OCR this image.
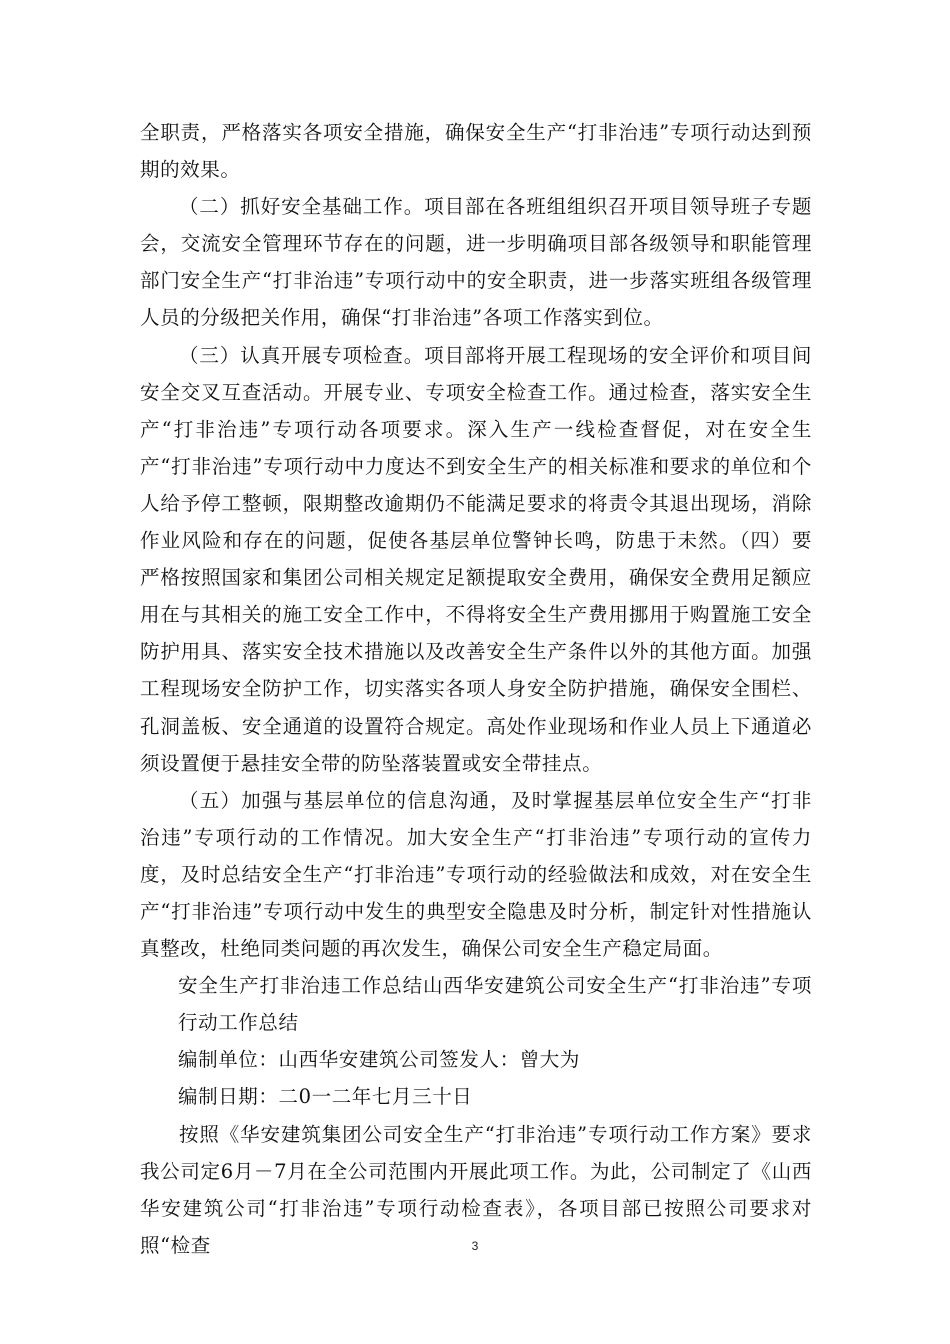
全职责，严格落实各项安全措施，确保安全生产“打非治违”专项行动达到预期的效果。

（二）抓好安全基础工作。项目部在各班组组织召开项目领导班子专题会，交流安全管理环节存在的问题，进一步明确项目部各级领导和职能管理部门安全生产“打非治违”专项行动中的安全职责，进一步落实班组各级管理人员的分级把关作用，确保“打非治违”各项工作落实到位。

（三）认真开展专项检查。项目部将开展工程现场的安全评价和项目间安全交叉互查活动。开展专业、专项安全检查工作。通过检查，落实安全生产“打非治违”专项行动各项要求。深入生产一线检查督促，对在安全生产“打非治违”专项行动中力度达不到安全生产的相关标准和要求的单位和个人给予停工整顿，限期整改逾期仍不能满足要求的将责令其退出现场，消除作业风险和存在的问题，促使各基层单位警钟长鸣，防患于未然。（四）要严格按照国家和集团公司相关规定足额提取安全费用，确保安全费用足额应用在与其相关的施工安全工作中，不得将安全生产费用挪用于购置施工安全防护用具、落实安全技术措施以及改善安全生产条件以外的其他方面。加强工程现场安全防护工作，切实落实各项人身安全防护措施，确保安全围栏、孔洞盖板、安全通道的设置符合规定。高处作业现场和作业人员上下通道必须设置便于悬挂安全带的防坠落装置或安全带挂点。

（五）加强与基层单位的信息沟通，及时掌握基层单位安全生产“打非治违”专项行动的工作情况。加大安全生产“打非治违”专项行动的宣传力度，及时总结安全生产“打非治违”专项行动的经验做法和成效，对在安全生产“打非治违”专项行动中发生的典型安全隐患及时分析，制定针对性措施认真整改，杜绝同类问题的再次发生，确保公司安全生产稳定局面。

安全生产打非治违工作总结山西华安建筑公司安全生产“打非治违”专项行动工作总结

编制单位：山西华安建筑公司签发人：曾大为

编制日期：二0一二年七月三十日

按照《华安建筑集团公司安全生产“打非治违”专项行动工作方案》要求我公司定6月－7月在全公司范围内开展此项工作。为此，公司制定了《山西华安建筑公司“打非治违”专项行动检查表》，各项目部已按照公司要求对照“检查	3
